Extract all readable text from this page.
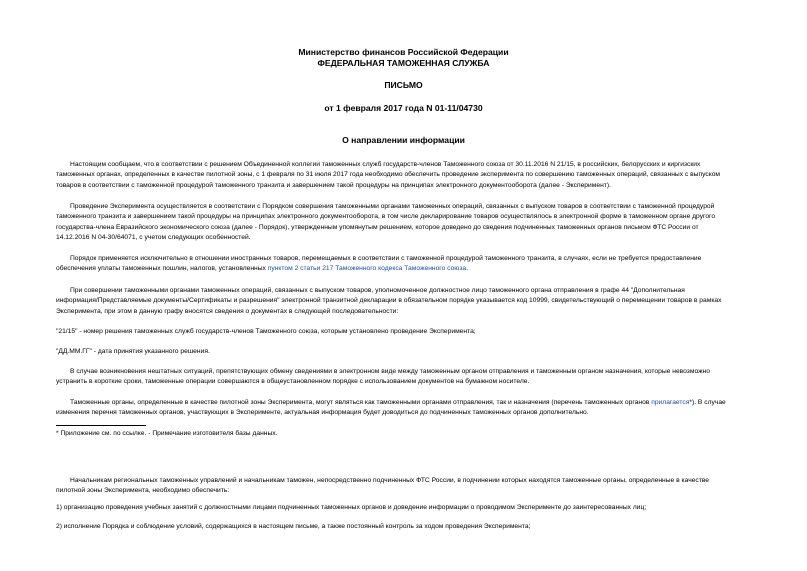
Министерство финансов Российской Федерации
ФЕДЕРАЛЬНАЯ ТАМОЖЕННАЯ СЛУЖБА
ПИСЬМО
от 1 февраля 2017 года N 01-11/04730
О направлении информации
Настоящим сообщаем, что в соответствии с решением Объединенной коллегии таможенных служб государств-членов Таможенного союза от 30.11.2016 N 21/15, в российских, белорусских и киргизских
таможенных органах, определенных в качестве пилотной зоны, с 1 февраля по 31 июля 2017 года необходимо обеспечить проведение эксперимента по совершению таможенных операций, связанных с выпуском
товаров в соответствии с таможенной процедурой таможенного транзита и завершением такой процедуры на принципах электронного документооборота (далее - Эксперимент).
Проведение Эксперимента осуществляется в соответствии с Порядком совершения таможенными органами таможенных операций, связанных с выпуском товаров в соответствии с таможенной процедурой
таможенного транзита и завершением такой процедуры на принципах электронного документооборота, в том числе декларирование товаров осуществлялось в электронной форме в таможенном органе другого
государства-члена Евразийского экономического союза (далее - Порядок), утвержденным упомянутым решением, которое доведено до сведения подчиненных таможенных органов письмом ФТС России от
14.12.2016 N 04-30/64071, с учетом следующих особенностей.
Порядок применяется исключительно в отношении иностранных товаров, перемещаемых в соответствии с таможенной процедурой таможенного транзита, в случаях, если не требуется предоставление
обеспечения уплаты таможенных пошлин, налогов, установленных пунктом 2 статьи 217 Таможенного кодекса Таможенного союза.
При совершении таможенными органами таможенных операций, связанных с выпуском товаров, уполномоченное должностное лицо таможенного органа отправления в графе 44 "Дополнительная
информация/Представляемые документы/Сертификаты и разрешения" электронной транзитной декларации в обязательном порядке указывается код 10999, свидетельствующий о перемещении товаров в рамках
Эксперимента, при этом в данную графу вносятся сведения о документах в следующей последовательности:
"21/15" - номер решения таможенных служб государств-членов Таможенного союза, которым установлено проведение Эксперимента;
"ДД.ММ.ГГ" - дата принятия указанного решения.
В случае возникновения нештатных ситуаций, препятствующих обмену сведениями в электронном виде между таможенным органом отправления и таможенным органом назначения, которые невозможно
устранить в короткие сроки, таможенные операции совершаются в общеустановленном порядке с использованием документов на бумажном носителе.
Таможенные органы, определенные в качестве пилотной зоны Эксперимента, могут являться как таможенными органами отправления, так и назначения (перечень таможенных органов прилагается*). В случае
изменения перечня таможенных органов, участвующих в Эксперименте, актуальная информация будет доводиться до подчиненных таможенных органов дополнительно.
* Приложение см. по ссылке. - Примечание изготовителя базы данных.
Начальникам региональных таможенных управлений и начальникам таможен, непосредственно подчиненных ФТС России, в подчинении которых находятся таможенные органы, определенные в качестве
пилотной зоны Эксперимента, необходимо обеспечить:
1) организацию проведения учебных занятий с должностными лицами подчиненных таможенных органов и доведение информации о проводимом Эксперименте до заинтересованных лиц;
2) исполнение Порядка и соблюдение условий, содержащихся в настоящем письме, а также постоянный контроль за ходом проведения Эксперимента;
